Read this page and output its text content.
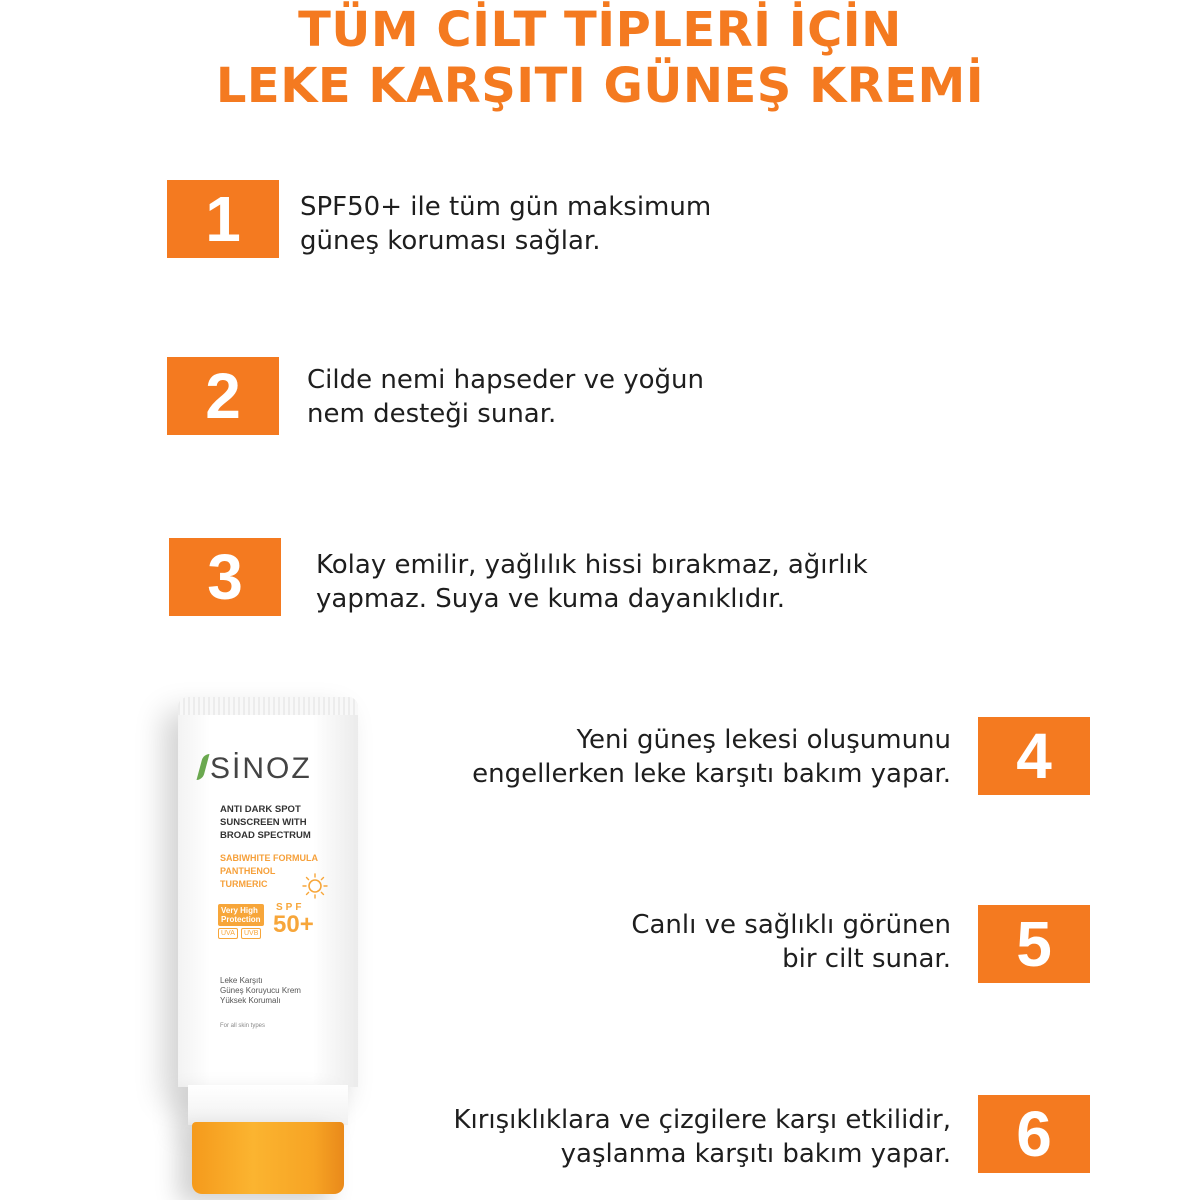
TÜM CİLT TİPLERİ İÇİN
LEKE KARŞITI GÜNEŞ KREMİ
1	SPF50+ ile tüm gün maksimum
güneş koruması sağlar.
2	Cilde nemi hapseder ve yoğun
nem desteği sunar.
3	Kolay emilir, yağlılık hissi bırakmaz, ağırlık
yapmaz. Suya ve kuma dayanıklıdır.
4
Yeni güneş lekesi oluşumunu
engellerken leke karşıtı bakım yapar.
5
Canlı ve sağlıklı görünen
bir cilt sunar.
6
Kırışıklıklara ve çizgilere karşı etkilidir,
yaşlanma karşıtı bakım yapar.
SİNOZ
ANTI DARK SPOT
SUNSCREEN WITH
BROAD SPECTRUM
SABIWHITE FORMULA
PANTHENOL
TURMERIC
Very High
Protection
UVA	UVB
SPF
50+
Leke Karşıtı
Güneş Koruyucu Krem
Yüksek Korumalı
For all skin types
